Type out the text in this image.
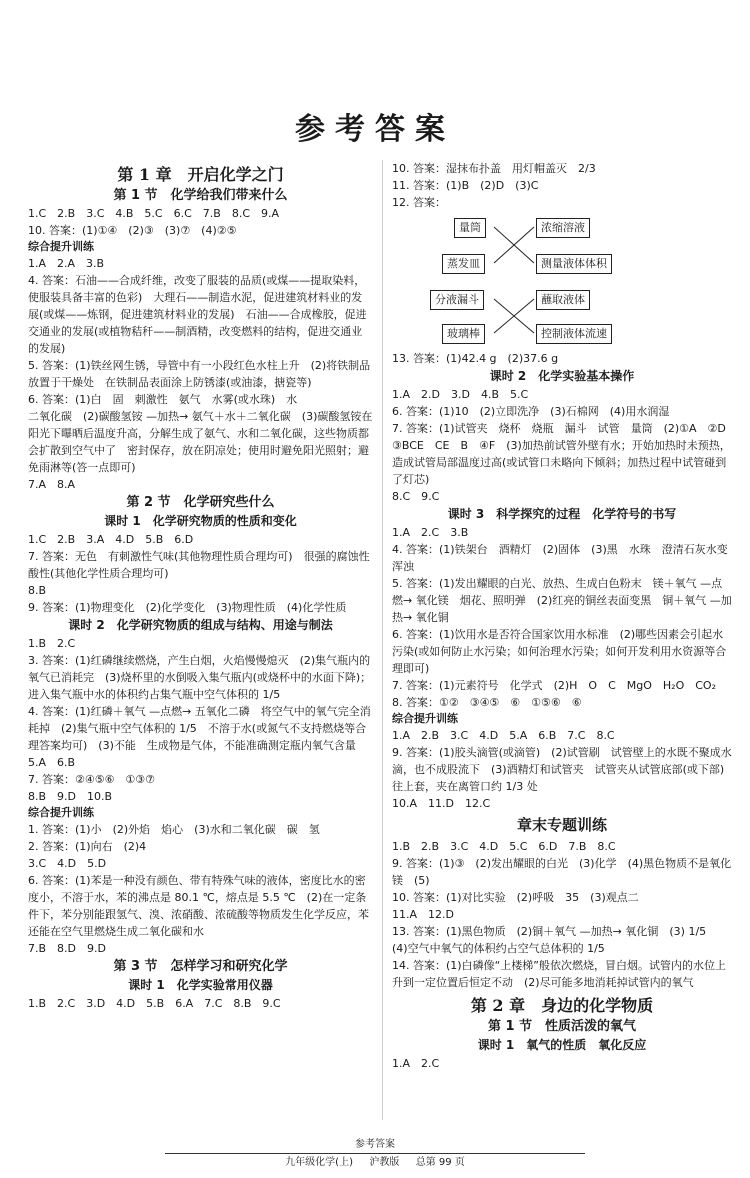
参考答案
第 1 章　开启化学之门
第 1 节　化学给我们带来什么

1.C　2.B　3.C　4.B　5.C　6.C　7.B　8.C　9.A

10. 答案：(1)①④　(2)③　(3)⑦　(4)②⑤

综合提升训练

1.A　2.A　3.B

4. 答案：石油——合成纤维，改变了服装的品质(或煤——提取染料，使服装具备丰富的色彩)　大理石——制造水泥，促进建筑材料业的发展(或煤——炼钢，促进建筑材料业的发展)　石油——合成橡胶，促进交通业的发展(或植物秸秆——制酒精，改变燃料的结构，促进交通业的发展)

5. 答案：(1)铁丝网生锈，导管中有一小段红色水柱上升　(2)将铁制品放置于干燥处　在铁制品表面涂上防锈漆(或油漆，搪瓷等)

6. 答案：(1)白　固　刺激性　氨气　水雾(或水珠)　水

二氧化碳　(2)碳酸氢铵 —加热→ 氨气＋水＋二氧化碳　(3)碳酸氢铵在阳光下曝晒后温度升高，分解生成了氨气、水和二氧化碳，这些物质都会扩散到空气中了　密封保存，放在阴凉处；使用时避免阳光照射；避免雨淋等(答一点即可)

7.A　8.A

第 2 节　化学研究些什么
课时 1　化学研究物质的性质和变化

1.C　2.B　3.A　4.D　5.B　6.D

7. 答案：无色　有刺激性气味(其他物理性质合理均可)　很强的腐蚀性　酸性(其他化学性质合理均可)

8.B

9. 答案：(1)物理变化　(2)化学变化　(3)物理性质　(4)化学性质

课时 2　化学研究物质的组成与结构、用途与制法

1.B　2.C

3. 答案：(1)红磷继续燃烧，产生白烟，火焰慢慢熄灭　(2)集气瓶内的氧气已消耗完　(3)烧杯里的水倒吸入集气瓶内(或烧杯中的水面下降)；进入集气瓶中水的体积约占集气瓶中空气体积的 1/5

4. 答案：(1)红磷＋氧气 —点燃→ 五氧化二磷　将空气中的氧气完全消耗掉　(2)集气瓶中空气体积的 1/5　不溶于水(或氮气不支持燃烧等合理答案均可)　(3)不能　生成物是气体，不能准确测定瓶内氧气含量

5.A　6.B

7. 答案：②④⑤⑥　①③⑦

8.B　9.D　10.B

综合提升训练

1. 答案：(1)小　(2)外焰　焰心　(3)水和二氧化碳　碳　氢

2. 答案：(1)向右　(2)4

3.C　4.D　5.D

6. 答案：(1)苯是一种没有颜色、带有特殊气味的液体，密度比水的密度小，不溶于水，苯的沸点是 80.1 ℃，熔点是 5.5 ℃　(2)在一定条件下，苯分别能跟氢气、溴、浓硝酸、浓硫酸等物质发生化学反应，苯还能在空气里燃烧生成二氧化碳和水

7.B　8.D　9.D

第 3 节　怎样学习和研究化学
课时 1　化学实验常用仪器

1.B　2.C　3.D　4.D　5.B　6.A　7.C　8.B　9.C

10. 答案：湿抹布扑盖　用灯帽盖灭　2/3

11. 答案：(1)B　(2)D　(3)C

12. 答案：

量筒
蒸发皿
分液漏斗
玻璃棒
浓缩溶液
测量液体体积
蘸取液体
控制液体流速

13. 答案：(1)42.4 g　(2)37.6 g

课时 2　化学实验基本操作

1.A　2.D　3.D　4.B　5.C

6. 答案：(1)10　(2)立即洗净　(3)石棉网　(4)用水润湿

7. 答案：(1)试管夹　烧杯　烧瓶　漏斗　试管　量筒　(2)①A　②D　③BCE　CE　B　④F　(3)加热前试管外壁有水；开始加热时未预热，造成试管局部温度过高(或试管口未略向下倾斜；加热过程中试管碰到了灯芯)

8.C　9.C

课时 3　科学探究的过程　化学符号的书写

1.A　2.C　3.B

4. 答案：(1)铁架台　酒精灯　(2)固体　(3)黑　水珠　澄清石灰水变浑浊

5. 答案：(1)发出耀眼的白光、放热、生成白色粉末　镁＋氧气 —点燃→ 氧化镁　烟花、照明弹　(2)红亮的铜丝表面变黑　铜＋氧气 —加热→ 氧化铜

6. 答案：(1)饮用水是否符合国家饮用水标准　(2)哪些因素会引起水污染(或如何防止水污染；如何治理水污染；如何开发利用水资源等合理即可)

7. 答案：(1)元素符号　化学式　(2)H　O　C　MgO　H₂O　CO₂

8. 答案：①②　③④⑤　⑥　①⑤⑥　⑥

综合提升训练

1.A　2.B　3.C　4.D　5.A　6.B　7.C　8.C

9. 答案：(1)胶头滴管(或滴管)　(2)试管刷　试管壁上的水既不聚成水滴，也不成股流下　(3)酒精灯和试管夹　试管夹从试管底部(或下部)往上套，夹在离管口约 1/3 处

10.A　11.D　12.C

章末专题训练

1.B　2.B　3.C　4.D　5.C　6.D　7.B　8.C

9. 答案：(1)③　(2)发出耀眼的白光　(3)化学　(4)黑色物质不是氧化镁　(5)

10. 答案：(1)对比实验　(2)呼吸　35　(3)观点二

11.A　12.D

13. 答案：(1)黑色物质　(2)铜＋氧气 —加热→ 氧化铜　(3) 1/5　(4)空气中氧气的体积约占空气总体积的 1/5

14. 答案：(1)白磷像“上楼梯”般依次燃烧，冒白烟。试管内的水位上升到一定位置后恒定不动　(2)尽可能多地消耗掉试管内的氧气

第 2 章　身边的化学物质
第 1 节　性质活泼的氧气
课时 1　氧气的性质　氧化反应

1.A　2.C

参考答案
九年级化学(上) 　 沪教版 　 总第 99 页
